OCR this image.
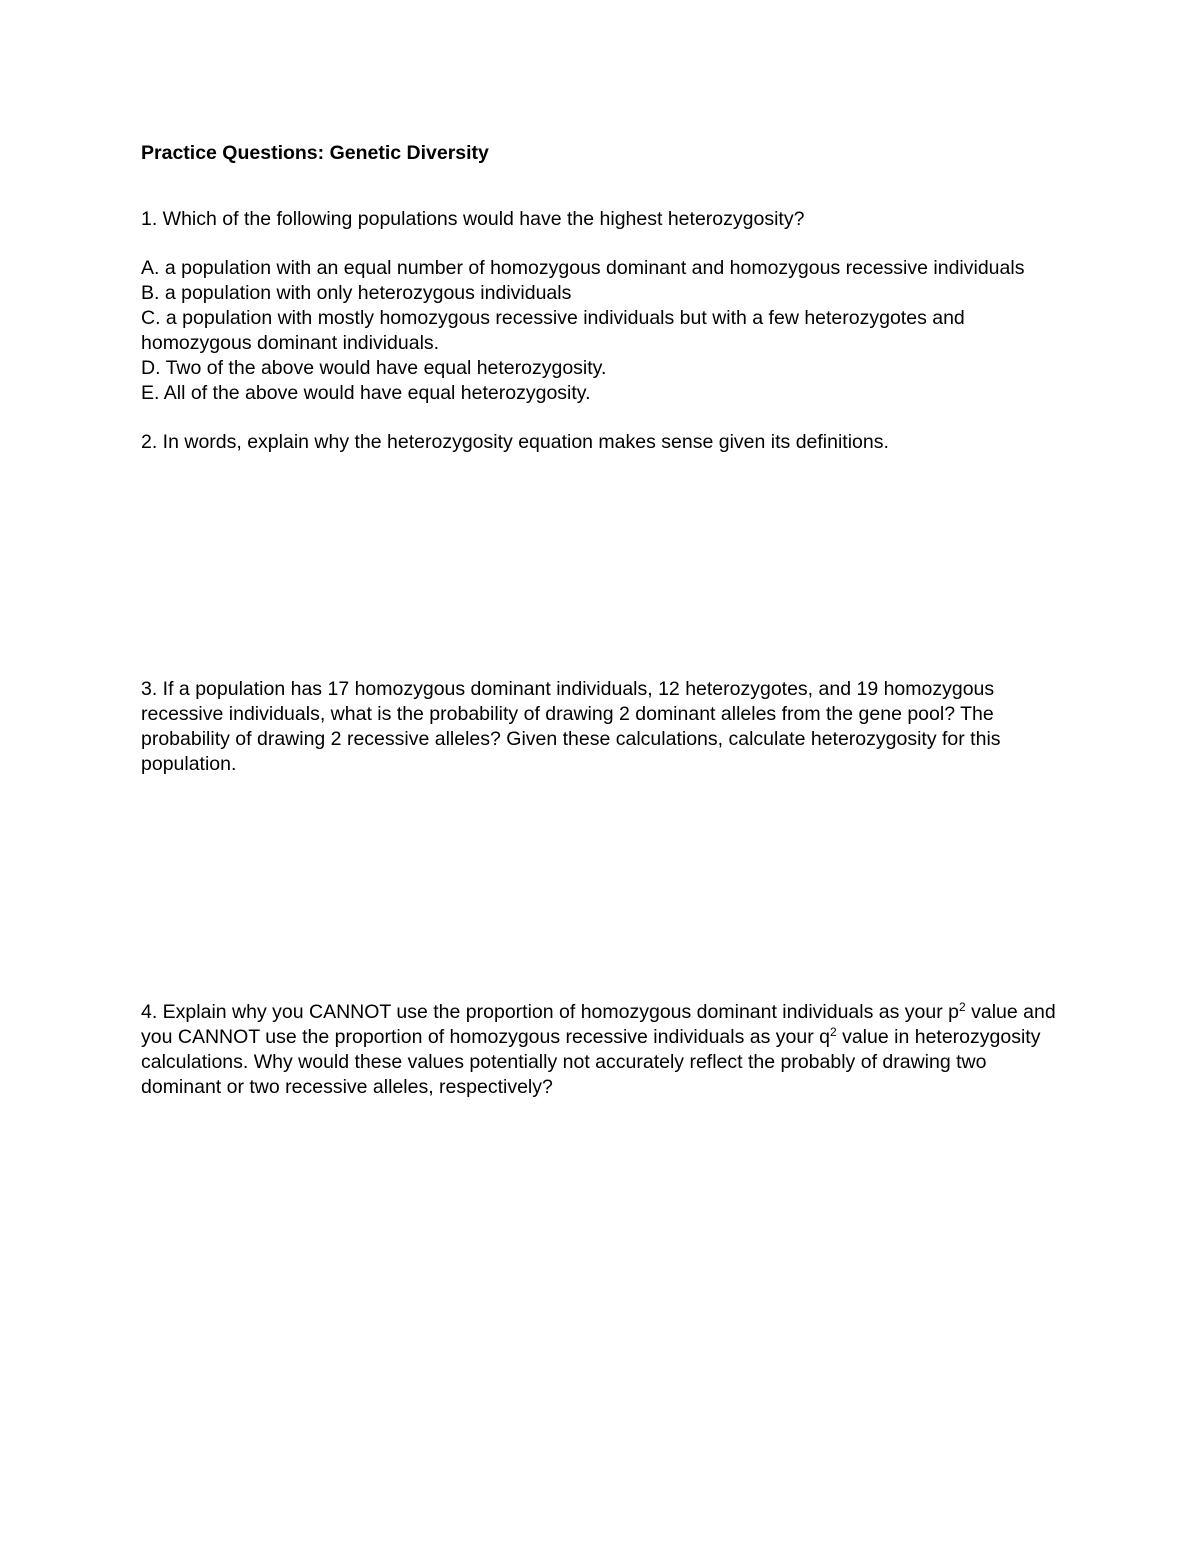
Practice Questions: Genetic Diversity

1. Which of the following populations would have the highest heterozygosity?

A. a population with an equal number of homozygous dominant and homozygous recessive individuals
B. a population with only heterozygous individuals
C. a population with mostly homozygous recessive individuals but with a few heterozygotes and homozygous dominant individuals.
D. Two of the above would have equal heterozygosity.
E. All of the above would have equal heterozygosity.

2. In words, explain why the heterozygosity equation makes sense given its definitions.

3. If a population has 17 homozygous dominant individuals, 12 heterozygotes, and 19 homozygous recessive individuals, what is the probability of drawing 2 dominant alleles from the gene pool? The probability of drawing 2 recessive alleles? Given these calculations, calculate heterozygosity for this population.

4. Explain why you CANNOT use the proportion of homozygous dominant individuals as your $p^2$ value and you CANNOT use the proportion of homozygous recessive individuals as your $q^2$ value in heterozygosity calculations. Why would these values potentially not accurately reflect the probably of drawing two dominant or two recessive alleles, respectively?
